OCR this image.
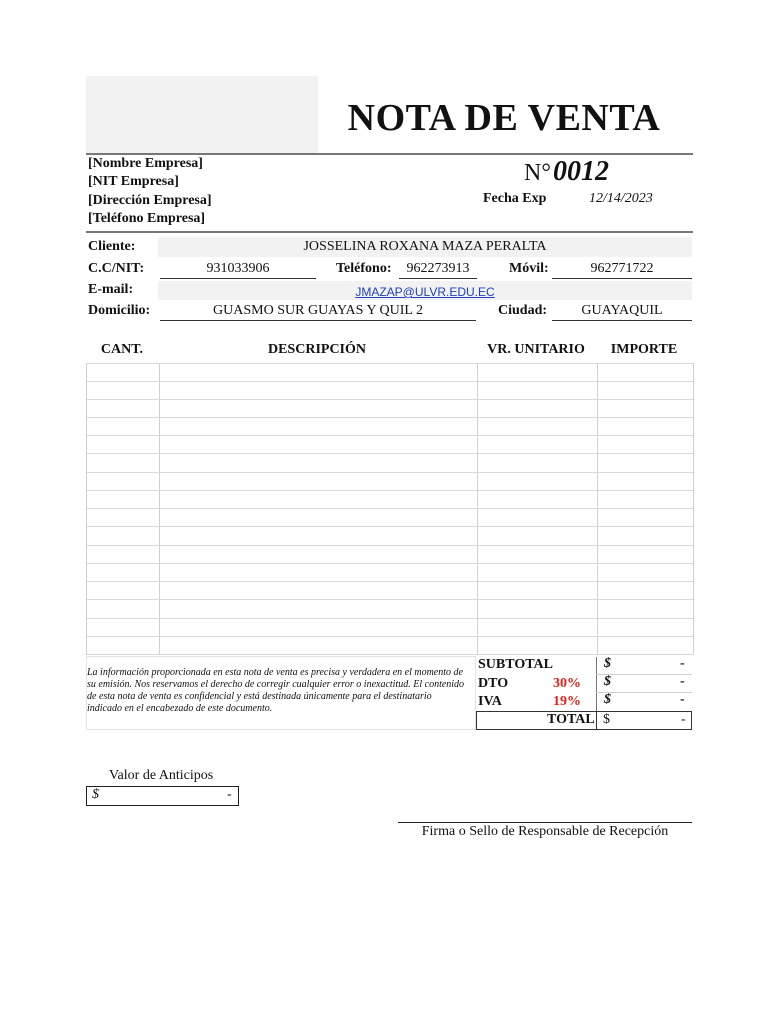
NOTA DE VENTA
[Nombre Empresa]
[NIT Empresa]
[Dirección Empresa]
[Teléfono Empresa]
N°0012
Fecha Exp	12/14/2023
Cliente:	JOSSELINA ROXANA MAZA PERALTA
C.C/NIT:	931033906	Teléfono:	962273913	Móvil:	962771722
E-mail:	JMAZAP@ULVR.EDU.EC
Domicilio:	GUASMO SUR GUAYAS Y QUIL 2	Ciudad:	GUAYAQUIL
CANT.	DESCRIPCIÓN	VR. UNITARIO	IMPORTE
La información proporcionada en esta nota de venta es precisa y verdadera en el momento de su emisión. Nos reservamos el derecho de corregir cualquier error o inexactitud. El contenido de esta nota de venta es confidencial y está destinada únicamente para el destinatario indicado en el encabezado de este documento.
SUBTOTAL	$	-
DTO	30% $	-
IVA	19% $	-
TOTAL $	-
Valor de Anticipos
$	-
Firma o Sello de Responsable de Recepción
